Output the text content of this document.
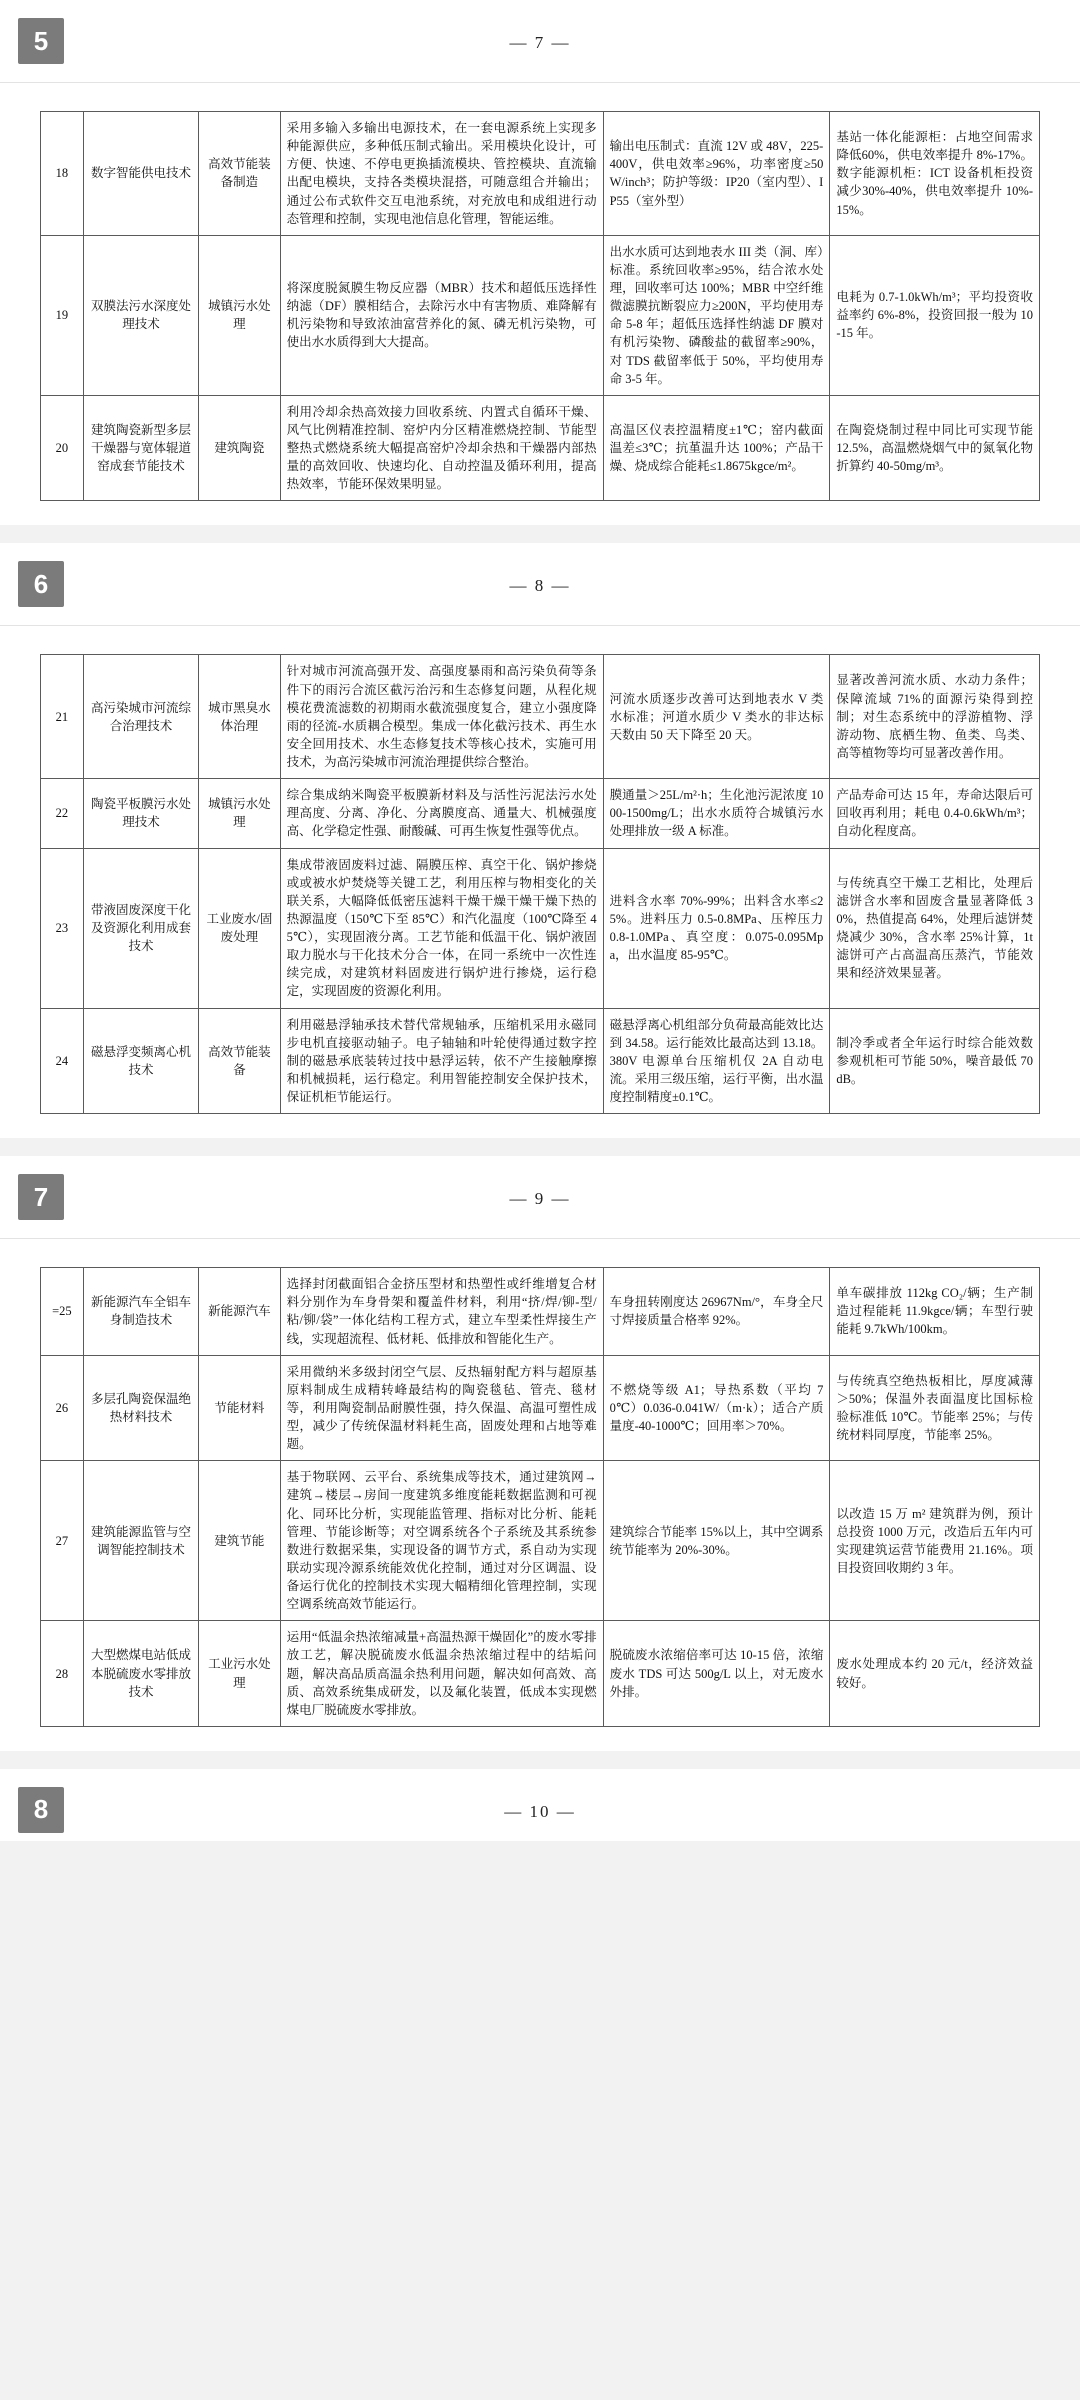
5	— 7 —
18	数字智能供电技术	高效节能装备制造	采用多输入多输出电源技术，在一套电源系统上实现多种能源供应，多种低压制式输出。采用模块化设计，可方便、快速、不停电更换插流模块、管控模块、直流输出配电模块，支持各类模块混搭，可随意组合并输出；通过公布式软件交互电池系统，对充放电和成组进行动态管理和控制，实现电池信息化管理，智能运维。	输出电压制式：直流 12V 或 48V，225-400V，供电效率≥96%，功率密度≥50W/inch³；防护等级：IP20（室内型）、IP55（室外型）	基站一体化能源柜：占地空间需求降低60%，供电效率提升 8%-17%。数字能源机柜：ICT 设备机柜投资减少30%-40%，供电效率提升 10%-15%。
19	双膜法污水深度处理技术	城镇污水处理	将深度脱氮膜生物反应器（MBR）技术和超低压选择性纳滤（DF）膜相结合，去除污水中有害物质、难降解有机污染物和导致浓油富营养化的氮、磷无机污染物，可使出水水质得到大大提高。	出水水质可达到地表水 III 类（洞、库）标准。系统回收率≥95%，结合浓水处理，回收率可达 100%；MBR 中空纤维微滤膜抗断裂应力≥200N，平均使用寿命 5-8 年；超低压选择性纳滤 DF 膜对有机污染物、磷酸盐的截留率≥90%，对 TDS 截留率低于 50%，平均使用寿命 3-5 年。	电耗为 0.7-1.0kWh/m³；平均投资收益率约 6%-8%，投资回报一般为 10-15 年。
20	建筑陶瓷新型多层干燥器与宽体辊道窑成套节能技术	建筑陶瓷	利用冷却余热高效接力回收系统、内置式自循环干燥、风气比例精准控制、窑炉内分区精准燃烧控制、节能型整热式燃烧系统大幅提高窑炉冷却余热和干燥器内部热量的高效回收、快速均化、自动控温及循环利用，提高热效率，节能环保效果明显。	高温区仪表控温精度±1℃；窑内截面温差≤3℃；抗堇温升达 100%；产品干燥、烧成综合能耗≤1.8675kgce/m²。	在陶瓷烧制过程中同比可实现节能 12.5%，高温燃烧烟气中的氮氧化物折算约 40-50mg/m³。
6	— 8 —
21	高污染城市河流综合治理技术	城市黑臭水体治理	针对城市河流高强开发、高强度暴雨和高污染负荷等条件下的雨污合流区截污治污和生态修复问题，从程化规模花费流滤数的初期雨水截流强度复合，建立小强度降雨的径流-水质耦合模型。集成一体化截污技术、再生水安全回用技术、水生态修复技术等核心技术，实施可用技术，为高污染城市河流治理提供综合整治。	河流水质逐步改善可达到地表水 V 类水标准；河道水质少 V 类水的非达标天数由 50 天下降至 20 天。	显著改善河流水质、水动力条件；保障流域 71%的面源污染得到控制；对生态系统中的浮游植物、浮游动物、底栖生物、鱼类、鸟类、高等植物等均可显著改善作用。
22	陶瓷平板膜污水处理技术	城镇污水处理	综合集成纳米陶瓷平板膜新材料及与活性污泥法污水处理高度、分离、净化、分离膜度高、通量大、机械强度高、化学稳定性强、耐酸碱、可再生恢复性强等优点。	膜通量＞25L/m²·h；生化池污泥浓度 1000-1500mg/L；出水水质符合城镇污水处理排放一级 A 标准。	产品寿命可达 15 年，寿命达限后可回收再利用；耗电 0.4-0.6kWh/m³；自动化程度高。
23	带液固废深度干化及资源化利用成套技术	工业废水/固废处理	集成带液固废料过滤、隔膜压榨、真空干化、锅炉掺烧或或被水炉焚烧等关键工艺，利用压榨与物相变化的关联关系，大幅降低低密压滤料干燥干燥干燥干燥下热的热源温度（150℃下至 85℃）和汽化温度（100℃降至 45℃），实现固液分离。工艺节能和低温干化、锅炉液固取力脱水与干化技术分合一体，在同一系统中一次性连续完成，对建筑材料固废进行锅炉进行掺烧，运行稳定，实现固废的资源化利用。	进料含水率 70%-99%；出料含水率≤25%。进料压力 0.5-0.8MPa、压榨压力 0.8-1.0MPa、真空度：0.075-0.095Mpa，出水温度 85-95℃。	与传统真空干燥工艺相比，处理后滤饼含水率和固废含量显著降低 30%，热值提高 64%，处理后滤饼焚烧减少 30%，含水率 25%计算，1t 滤饼可产占高温高压蒸汽，节能效果和经济效果显著。
24	磁悬浮变频离心机技术	高效节能装备	利用磁悬浮轴承技术替代常规轴承，压缩机采用永磁同步电机直接驱动轴子。电子轴轴和叶轮使得通过数字控制的磁悬承底装转过技中悬浮运转，依不产生接触摩擦和机械损耗，运行稳定。利用智能控制安全保护技术，保证机柜节能运行。	磁悬浮离心机组部分负荷最高能效比达到 34.58。运行能效比最高达到 13.18。380V 电源单台压缩机仅 2A 自动电流。采用三级压缩，运行平衡，出水温度控制精度±0.1℃。	制冷季或者全年运行时综合能效数参观机柜可节能 50%，噪音最低 70dB。
7	— 9 —
=25	新能源汽车全铝车身制造技术	新能源汽车	选择封闭截面铝合金挤压型材和热塑性或纤维增复合材料分别作为车身骨架和覆盖件材料，利用“挤/焊/铆-型/粘/铆/袋”一体化结构工程方式，建立车型柔性焊接生产线，实现超流程、低材耗、低排放和智能化生产。	车身扭转刚度达 26967Nm/°，车身全尺寸焊接质量合格率 92%。	单车碳排放 112kg CO₂/辆；生产制造过程能耗 11.9kgce/辆；车型行驶能耗 9.7kWh/100km。
26	多层孔陶瓷保温绝热材料技术	节能材料	采用微纳米多级封闭空气层、反热辐射配方料与超原基原料制成生成精转峰最结构的陶瓷毯毡、管壳、毯材等，利用陶瓷制品耐膜性强，持久保温、高温可塑性成型，减少了传统保温材料耗生高，固废处理和占地等难题。	不燃烧等级 A1；导热系数（平均 70℃）0.036-0.041W/（m·k）；适合产质量度-40-1000℃；回用率＞70%。	与传统真空绝热板相比，厚度减薄＞50%；保温外表面温度比国标检验标准低 10℃。节能率 25%；与传统材料同厚度，节能率 25%。
27	建筑能源监管与空调智能控制技术	建筑节能	基于物联网、云平台、系统集成等技术，通过建筑网→建筑→楼层→房间一度建筑多维度能耗数据监测和可视化、同环比分析，实现能监管理、指标对比分析、能耗管理、节能诊断等；对空调系统各个子系统及其系统参数进行数据采集，实现设备的调节方式，系自动为实现联动实现冷源系统能效优化控制，通过对分区调温、设备运行优化的控制技术实现大幅精细化管理控制，实现空调系统高效节能运行。	建筑综合节能率 15%以上，其中空调系统节能率为 20%-30%。	以改造 15 万 m² 建筑群为例，预计总投资 1000 万元，改造后五年内可实现建筑运营节能费用 21.16%。项目投资回收期约 3 年。
28	大型燃煤电站低成本脱硫废水零排放技术	工业污水处理	运用“低温余热浓缩减量+高温热源干燥固化”的废水零排放工艺，解决脱硫废水低温余热浓缩过程中的结垢问题，解决高品质高温余热利用问题，解决如何高效、高质、高效系统集成研发，以及氟化装置，低成本实现燃煤电厂脱硫废水零排放。	脱硫废水浓缩倍率可达 10-15 倍，浓缩废水 TDS 可达 500g/L 以上，对无废水外排。	废水处理成本约 20 元/t，经济效益较好。
8	— 10 —
